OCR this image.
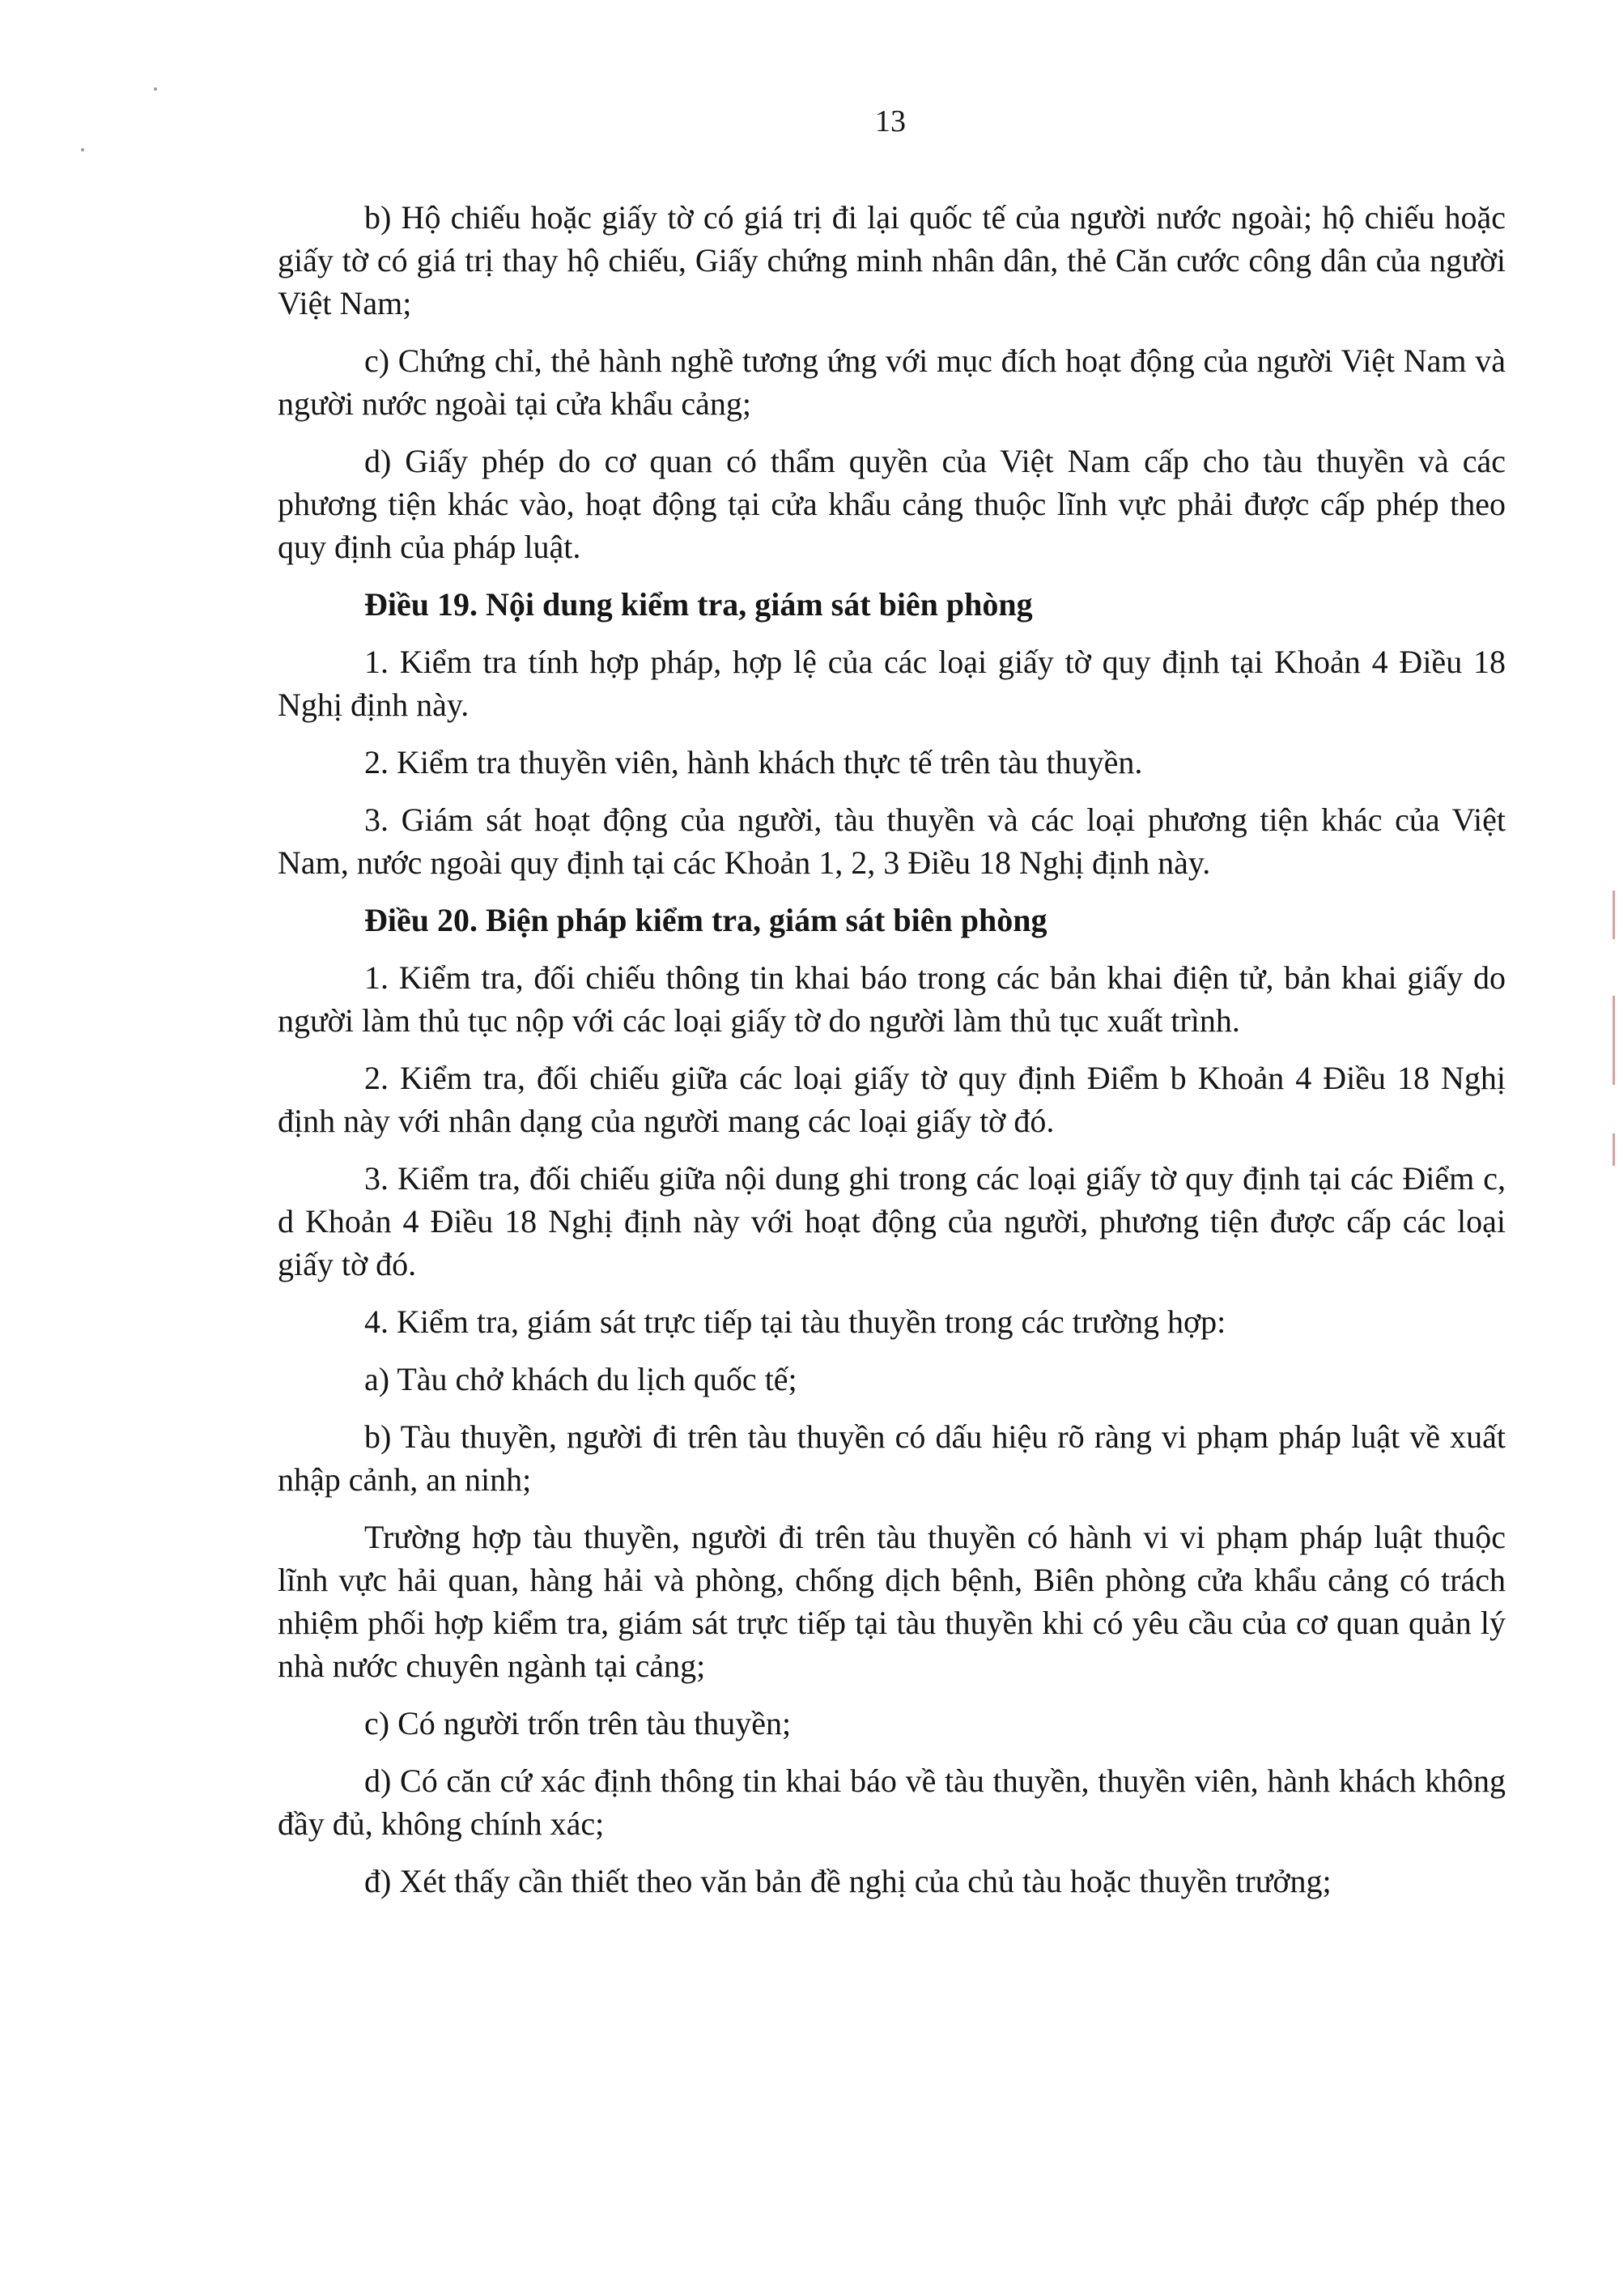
13

b) Hộ chiếu hoặc giấy tờ có giá trị đi lại quốc tế của người nước ngoài; hộ chiếu hoặc giấy tờ có giá trị thay hộ chiếu, Giấy chứng minh nhân dân, thẻ Căn cước công dân của người Việt Nam;

c) Chứng chỉ, thẻ hành nghề tương ứng với mục đích hoạt động của người Việt Nam và người nước ngoài tại cửa khẩu cảng;

d) Giấy phép do cơ quan có thẩm quyền của Việt Nam cấp cho tàu thuyền và các phương tiện khác vào, hoạt động tại cửa khẩu cảng thuộc lĩnh vực phải được cấp phép theo quy định của pháp luật.

Điều 19. Nội dung kiểm tra, giám sát biên phòng

1. Kiểm tra tính hợp pháp, hợp lệ của các loại giấy tờ quy định tại Khoản 4 Điều 18 Nghị định này.

2. Kiểm tra thuyền viên, hành khách thực tế trên tàu thuyền.

3. Giám sát hoạt động của người, tàu thuyền và các loại phương tiện khác của Việt Nam, nước ngoài quy định tại các Khoản 1, 2, 3 Điều 18 Nghị định này.

Điều 20. Biện pháp kiểm tra, giám sát biên phòng

1. Kiểm tra, đối chiếu thông tin khai báo trong các bản khai điện tử, bản khai giấy do người làm thủ tục nộp với các loại giấy tờ do người làm thủ tục xuất trình.

2. Kiểm tra, đối chiếu giữa các loại giấy tờ quy định Điểm b Khoản 4 Điều 18 Nghị định này với nhân dạng của người mang các loại giấy tờ đó.

3. Kiểm tra, đối chiếu giữa nội dung ghi trong các loại giấy tờ quy định tại các Điểm c, d Khoản 4 Điều 18 Nghị định này với hoạt động của người, phương tiện được cấp các loại giấy tờ đó.

4. Kiểm tra, giám sát trực tiếp tại tàu thuyền trong các trường hợp:

a) Tàu chở khách du lịch quốc tế;

b) Tàu thuyền, người đi trên tàu thuyền có dấu hiệu rõ ràng vi phạm pháp luật về xuất nhập cảnh, an ninh;

Trường hợp tàu thuyền, người đi trên tàu thuyền có hành vi vi phạm pháp luật thuộc lĩnh vực hải quan, hàng hải và phòng, chống dịch bệnh, Biên phòng cửa khẩu cảng có trách nhiệm phối hợp kiểm tra, giám sát trực tiếp tại tàu thuyền khi có yêu cầu của cơ quan quản lý nhà nước chuyên ngành tại cảng;

c) Có người trốn trên tàu thuyền;

d) Có căn cứ xác định thông tin khai báo về tàu thuyền, thuyền viên, hành khách không đầy đủ, không chính xác;

đ) Xét thấy cần thiết theo văn bản đề nghị của chủ tàu hoặc thuyền trưởng;
